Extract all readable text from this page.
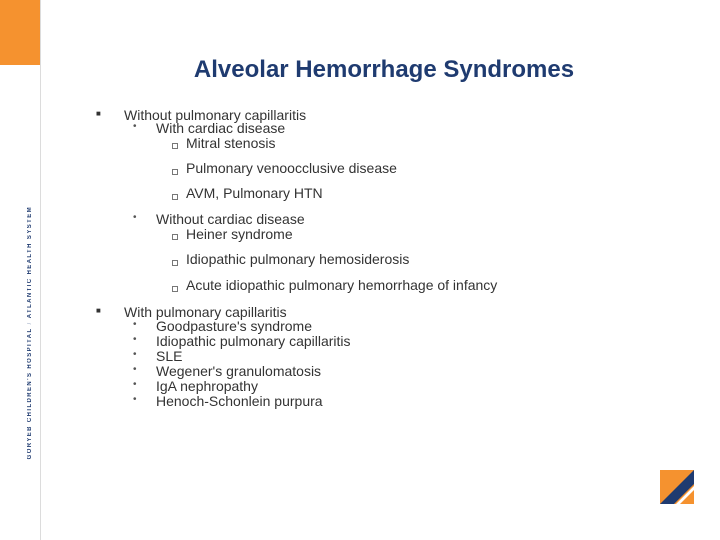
GORYEB CHILDREN'S HOSPITAL / ATLANTIC HEALTH SYSTEM
Alveolar Hemorrhage Syndromes
■ Without pulmonary capillaritis
• With cardiac disease
Mitral stenosis
Pulmonary venoocclusive disease
AVM, Pulmonary HTN
• Without cardiac disease
Heiner syndrome
Idiopathic pulmonary hemosiderosis
Acute idiopathic pulmonary hemorrhage of infancy
■ With pulmonary capillaritis
• Goodpasture's syndrome
• Idiopathic pulmonary capillaritis
• SLE
• Wegener's granulomatosis
• IgA nephropathy
• Henoch-Schonlein purpura
